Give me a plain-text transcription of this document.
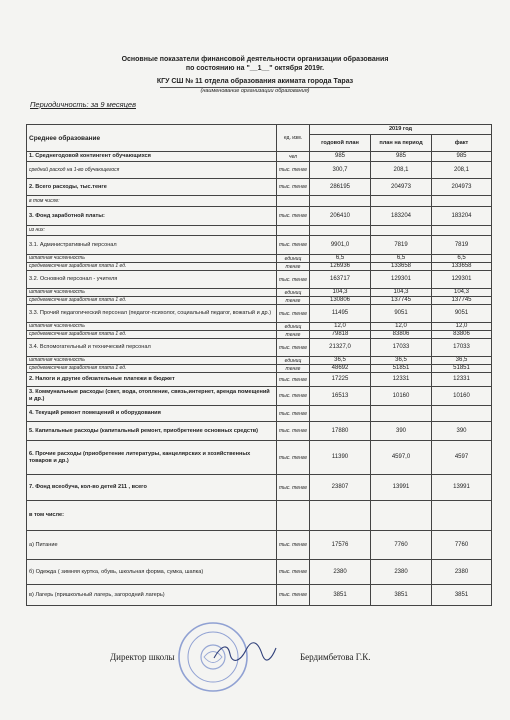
Основные показатели финансовой деятельности организации образования
по состоянию на "__1__" октября 2019г.
КГУ СШ № 11 отдела образования акимата города Тараз
(наименование организации образования)
Периодичность: за 9 месяцев
Среднее образование	ед. изм.	2019 год		
		годовой план	план на период	факт
1. Среднегодовой контингент обучающихся	чел	985	985	985
средний расход на 1-во обучающегося	тыс. тенге	300,7	208,1	208,1
2. Всего расходы, тыс.тенге	тыс. тенге	286195	204973	204973
в том числе:				
3. Фонд заработной платы:	тыс. тенге	206410	183204	183204
из них:				
3.1. Административный персонал	тыс. тенге	9901,0	7819	7819
штатная численность	единиц	6,5	6,5	6,5
среднемесячная заработная плата 1 ед.	тенге	126936	133658	133658
3.2. Основной персонал - учителя	тыс. тенге	163717	129301	129301
штатная численность	единиц	104,3	104,3	104,3
среднемесячная заработная плата 1 ед.	тенге	130806	137745	137745
3.3. Прочий педагогический персонал (педагог-психолог, социальный педагог, вожатый и др.)	тыс. тенге	11495	9051	9051
штатная численность	единиц	12,0	12,0	12,0
среднемесячная заработная плата 1 ед.	тенге	79818	83806	83806
3.4. Вспомогательный и технический персонал	тыс. тенге	21327,0	17033	17033
штатная численность	единиц	36,5	36,5	36,5
среднемесячная заработная плата 1 ед.	тенге	48692	51851	51851
2. Налоги и другие обязательные платежи в бюджет	тыс. тенге	17225	12331	12331
3. Коммунальные расходы (свет, вода, отопление, связь,интернет, аренда помещений и др.)	тыс. тенге	16513	10160	10160
4. Текущий ремонт помещений и оборудования	тыс. тенге			
5. Капитальные расходы (капитальный ремонт, приобретение основных средств)	тыс. тенге	17880	390	390
6. Прочие расходы (приобретение литературы, канцелярских и хозяйственных товаров и др.)	тыс. тенге	11390	4597,0	4597
7. Фонд всеобуча, кол-во детей 211 , всего	тыс. тенге	23807	13991	13991
в том числе:				
а) Питание	тыс. тенге	17576	7760	7760
б) Одежда ( зимняя куртка, обувь, школьная форма, сумка, шапка)	тыс. тенге	2380	2380	2380
в) Лагерь (пришкольный лагерь, загородний лагерь)	тыс. тенге	3851	3851	3851
Директор школы	Бердимбетова Г.К.
